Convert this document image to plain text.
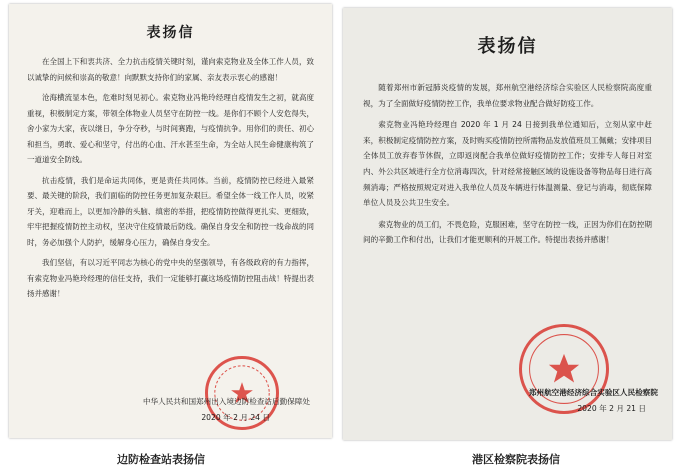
表扬信

在全国上下和衷共济、全力抗击疫情关键时刻，谨向索克物业及全体工作人员，致以诚挚的问候和崇高的敬意！向默默支持你们的家属、亲友表示衷心的感谢！

沧海横流显本色，危难时刻见初心。索克物业冯艳玲经理自疫情发生之初，就高度重视，积极制定方案，带领全体物业人员坚守在防控一线。是你们不顾个人安危得失，舍小家为大家，夜以继日，争分夺秒，与时间赛跑，与疫情抗争。用你们的责任、初心和担当，勇敢、爱心和坚守，付出的心血、汗水甚至生命，为全站人民生命健康构筑了一道道安全防线。

抗击疫情，我们是命运共同体，更是责任共同体。当前，疫情防控已经进入最紧要、最关键的阶段，我们面临的防控任务更加复杂艰巨。希望全体一线工作人员，咬紧牙关，迎难而上，以更加冷静的头脑、缜密的举措，把疫情防控做得更扎实、更细致，牢牢把握疫情防控主动权，坚决守住疫情最后防线。确保自身安全和防控一线命战的同时，务必加强个人防护，缓解身心压力，确保自身安全。

我们坚信，有以习近平同志为核心的党中央的坚强领导，有各级政府的有力指挥，有索克物业冯艳玲经理的信任支持，我们一定能够打赢这场疫情防控阻击战！特提出表扬并感谢！

中华人民共和国郑州出入境边防检查站后勤保障处
2020 年 2 月 24 日
表扬信

随着郑州市新冠肺炎疫情的发展，郑州航空港经济综合实验区人民检察院高度重视，为了全面做好疫情防控工作，我单位要求物业配合做好防疫工作。

索克物业冯艳玲经理自 2020 年 1 月 24 日接到我单位通知后，立刻从家中赶来，积极制定疫情防控方案，及时购买疫情防控所需物品发放值班员工佩戴；安排项目全体员工放弃春节休假，立即返岗配合我单位做好疫情防控工作；安排专人每日对室内、外公共区域进行全方位消毒四次，针对经常接触区域的设施设备等物品每日进行高频消毒；严格按照规定对进入我单位人员及车辆进行体温测量、登记与消毒，彻底保障单位人员及公共卫生安全。

索克物业的员工们，不畏危险，克服困难，坚守在防控一线，正因为你们在防控期间的辛勤工作和付出，让我们才能更顺利的开展工作。特提出表扬并感谢！

郑州航空港经济综合实验区人民检察院
2020 年 2 月 21 日
边防检查站表扬信	港区检察院表扬信
